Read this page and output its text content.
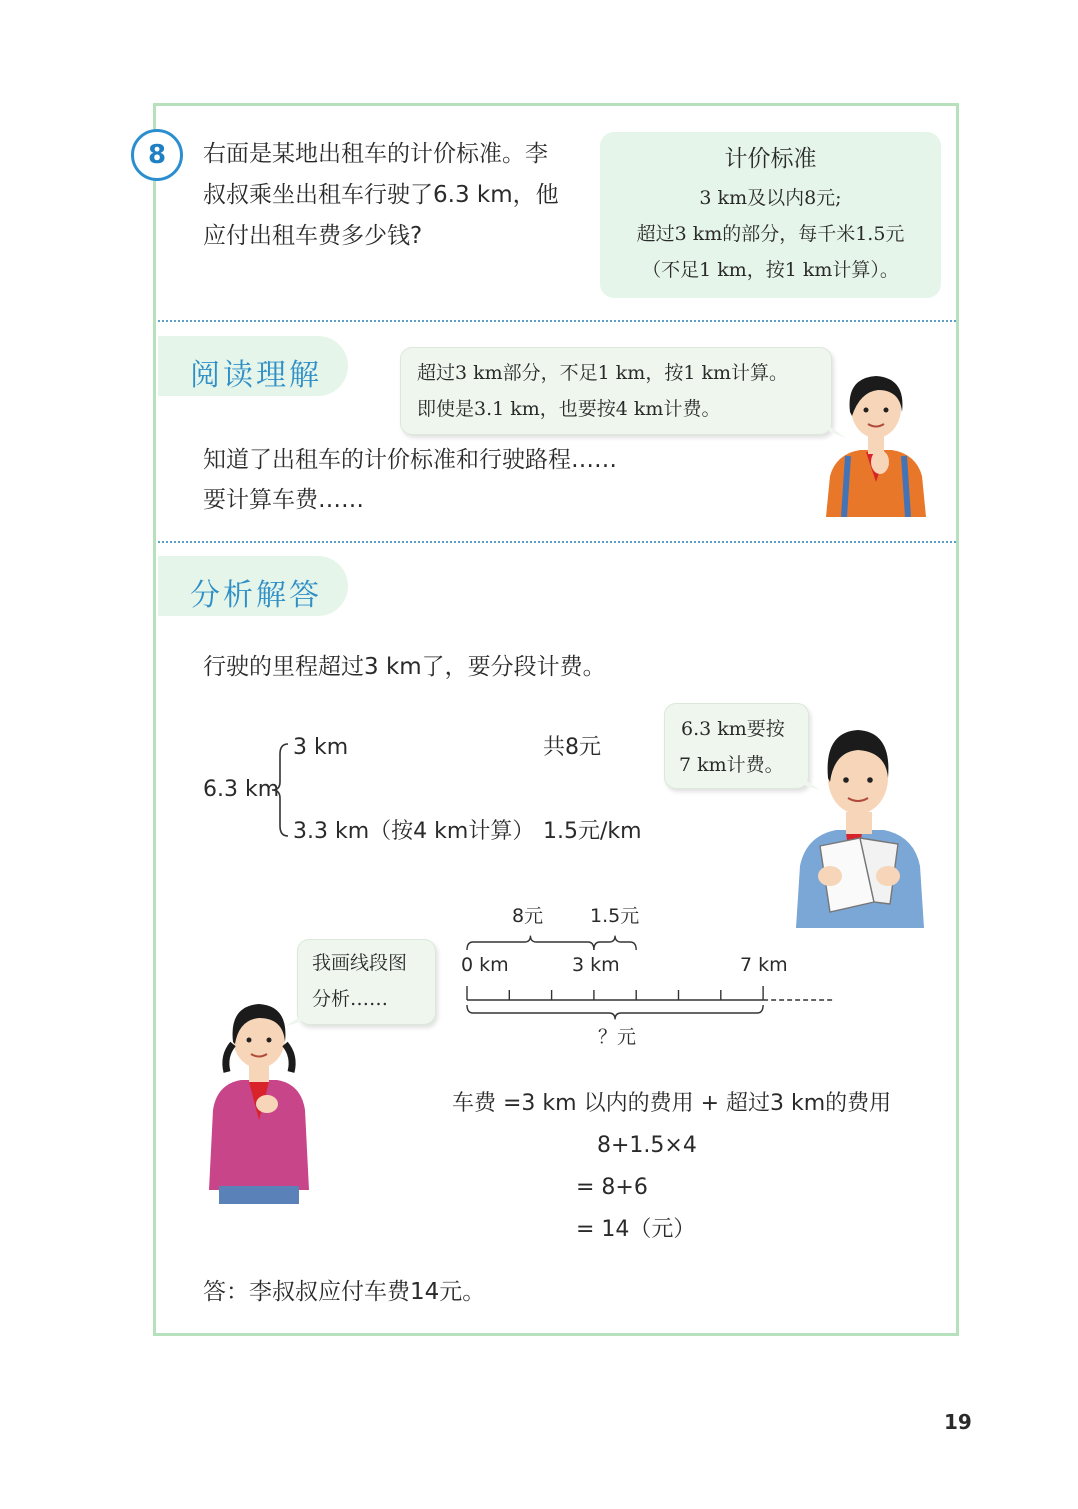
8	右面是某地出租车的计价标准。李
叔叔乘坐出租车行驶了6.3 km，他
应付出租车费多少钱?
计价标准
3 km及以内8元;
超过3 km的部分，每千米1.5元
（不足1 km，按1 km计算）。
阅读理解	超过3 km部分，不足1 km，按1 km计算。
即使是3.1 km，也要按4 km计费。
知道了出租车的计价标准和行驶路程……
要计算车费……
分析解答
行驶的里程超过3 km了，要分段计费。
6.3 km
3 km	共8元
3.3 km（按4 km计算） 1.5元/km
6.3 km要按
7 km计费。
8元 1.5元
0 km	3 km	7 km
？元
我画线段图
分析……
车费 =3 km 以内的费用 + 超过3 km的费用
8+1.5×4
= 8+6
= 14（元）
答：李叔叔应付车费14元。
19
